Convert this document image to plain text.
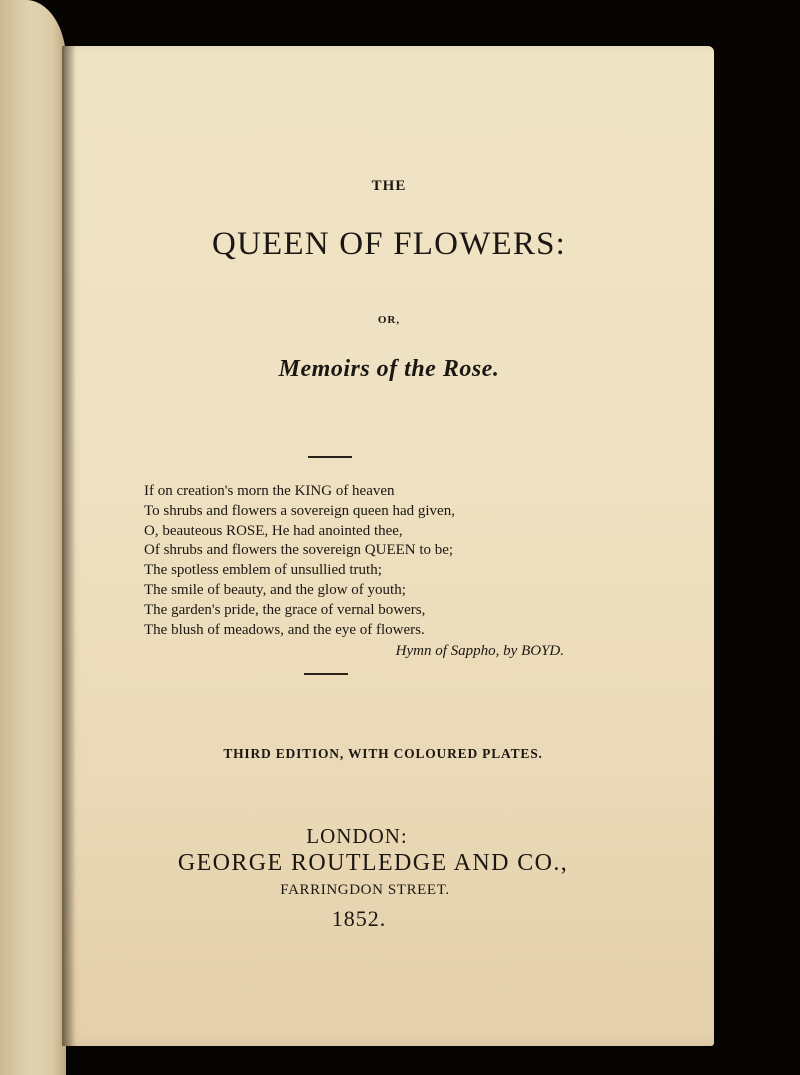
THE
QUEEN OF FLOWERS:
OR,
Memoirs of the Rose.
If on creation's morn the KING of heaven
To shrubs and flowers a sovereign queen had given,
O, beauteous ROSE, He had anointed thee,
Of shrubs and flowers the sovereign QUEEN to be;
The spotless emblem of unsullied truth;
The smile of beauty, and the glow of youth;
The garden's pride, the grace of vernal bowers,
The blush of meadows, and the eye of flowers.
Hymn of Sappho, by BOYD.
THIRD EDITION, WITH COLOURED PLATES.
LONDON:
GEORGE ROUTLEDGE AND CO.,
FARRINGDON STREET.
1852.
